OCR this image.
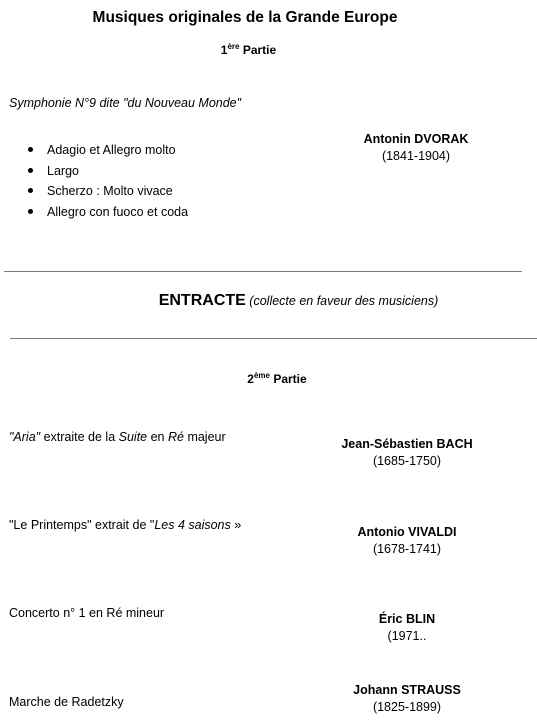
Musiques originales de la Grande Europe
1ère Partie
Symphonie N°9 dite "du Nouveau Monde"
Adagio et Allegro molto
Largo
Scherzo : Molto vivace
Allegro con fuoco et coda
Antonin DVORAK
(1841-1904)
ENTRACTE (collecte en faveur des musiciens)
2ème Partie
"Aria" extraite de la Suite en Ré majeur	Jean-Sébastien BACH
(1685-1750)
"Le Printemps" extrait de "Les 4 saisons »	Antonio VIVALDI
(1678-1741)
Concerto n° 1 en Ré mineur	Éric BLIN
(1971..
Marche de Radetzky
Johann STRAUSS
(1825-1899)
